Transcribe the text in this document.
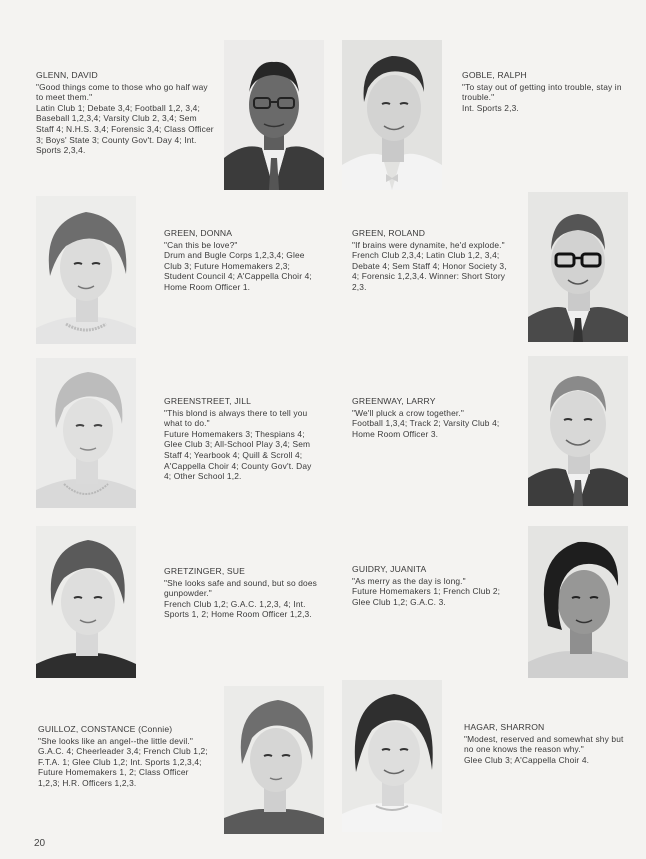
GLENN, DAVID
"Good things come to those who go half way to meet them."
Latin Club 1; Debate 3,4; Football 1,2, 3,4; Baseball 1,2,3,4; Varsity Club 2, 3,4; Sem Staff 4; N.H.S. 3,4; Forensic 3,4; Class Officer 3; Boys' State 3; County Gov't. Day 4; Int. Sports 2,3,4.
GOBLE, RALPH
"To stay out of getting into trouble, stay in trouble."
Int. Sports 2,3.
GREEN, DONNA
"Can this be love?"
Drum and Bugle Corps 1,2,3,4; Glee Club 3; Future Homemakers 2,3; Student Council 4; A'Cappella Choir 4; Home Room Officer 1.
GREEN, ROLAND
"If brains were dynamite, he'd explode."
French Club 2,3,4; Latin Club 1,2, 3,4; Debate 4; Sem Staff 4; Honor Society 3, 4; Forensic 1,2,3,4. Winner: Short Story 2,3.
GREENSTREET, JILL
"This blond is always there to tell you what to do."
Future Homemakers 3; Thespians 4; Glee Club 3; All-School Play 3,4; Sem Staff 4; Yearbook 4; Quill & Scroll 4; A'Cappella Choir 4; County Gov't. Day 4; Other School 1,2.
GREENWAY, LARRY
"We'll pluck a crow together."
Football 1,3,4; Track 2; Varsity Club 4; Home Room Officer 3.
GRETZINGER, SUE
"She looks safe and sound, but so does gunpowder."
French Club 1,2; G.A.C. 1,2,3, 4; Int. Sports 1, 2; Home Room Officer 1,2,3.
GUIDRY, JUANITA
"As merry as the day is long."
Future Homemakers 1; French Club 2; Glee Club 1,2; G.A.C. 3.
GUILLOZ, CONSTANCE (Connie)
"She looks like an angel--the little devil."
G.A.C. 4; Cheerleader 3,4; French Club 1,2; F.T.A. 1; Glee Club 1,2; Int. Sports 1,2,3,4; Future Homemakers 1, 2; Class Officer 1,2,3; H.R. Officers 1,2,3.
HAGAR, SHARRON
"Modest, reserved and somewhat shy but no one knows the reason why."
Glee Club 3; A'Cappella Choir 4.
20
